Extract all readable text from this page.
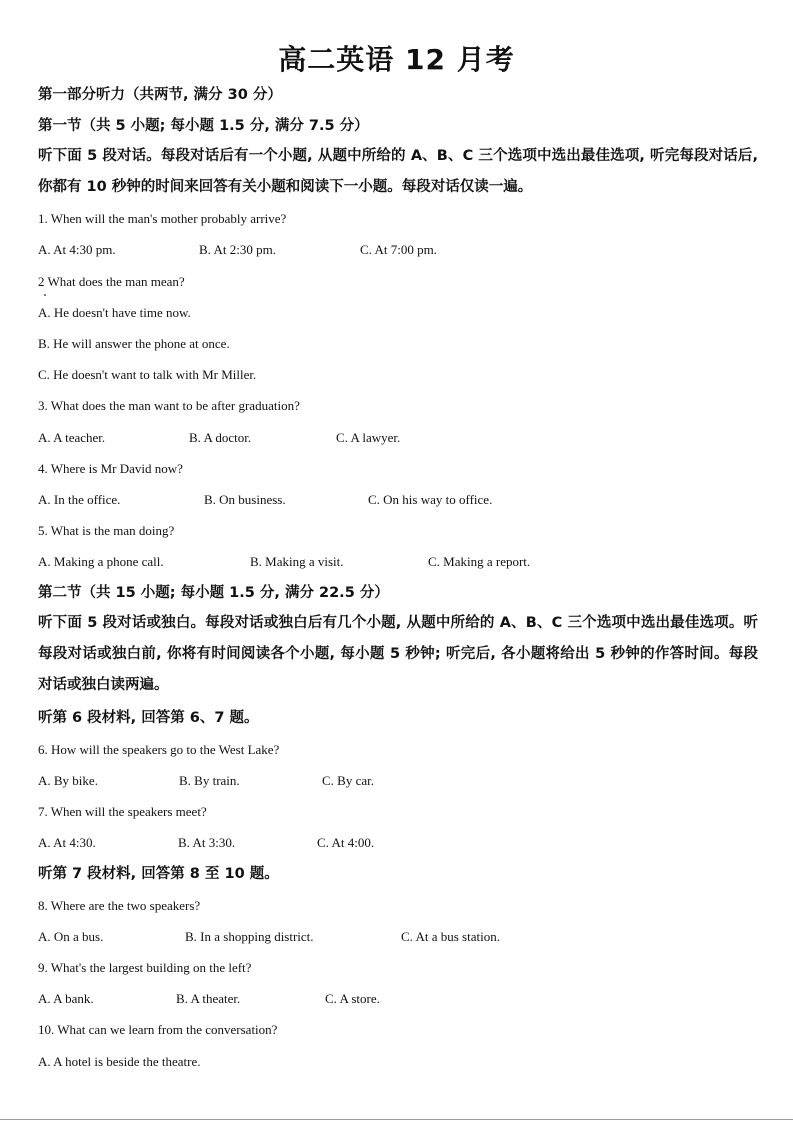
高二英语 12 月考
第一部分听力（共两节, 满分 30 分）
第一节（共 5 小题; 每小题 1.5 分, 满分 7.5 分）
听下面 5 段对话。每段对话后有一个小题, 从题中所给的 A、B、C 三个选项中选出最佳选项, 听完每段对话后, 你都有 10 秒钟的时间来回答有关小题和阅读下一小题。每段对话仅读一遍。
1. When will the man's mother probably arrive?
A. At 4:30 pm.	B. At 2:30 pm.	C. At 7:00 pm.
2 What does the man mean?
A. He doesn't have time now.
B. He will answer the phone at once.
C. He doesn't want to talk with Mr Miller.
3. What does the man want to be after graduation?
A. A teacher.	B. A doctor.	C. A lawyer.
4. Where is Mr David now?
A. In the office.	B. On business.	C. On his way to office.
5. What is the man doing?
A. Making a phone call.	B. Making a visit.	C. Making a report.
第二节（共 15 小题; 每小题 1.5 分, 满分 22.5 分）
听下面 5 段对话或独白。每段对话或独白后有几个小题, 从题中所给的 A、B、C 三个选项中选出最佳选项。听每段对话或独白前, 你将有时间阅读各个小题, 每小题 5 秒钟; 听完后, 各小题将给出 5 秒钟的作答时间。每段对话或独白读两遍。
听第 6 段材料, 回答第 6、7 题。
6. How will the speakers go to the West Lake?
A. By bike.	B. By train.	C. By car.
7. When will the speakers meet?
A. At 4:30.	B. At 3:30.	C. At 4:00.
听第 7 段材料, 回答第 8 至 10 题。
8. Where are the two speakers?
A. On a bus.	B. In a shopping district.	C. At a bus station.
9. What's the largest building on the left?
A. A bank.	B. A theater.	C. A store.
10. What can we learn from the conversation?
A. A hotel is beside the theatre.
